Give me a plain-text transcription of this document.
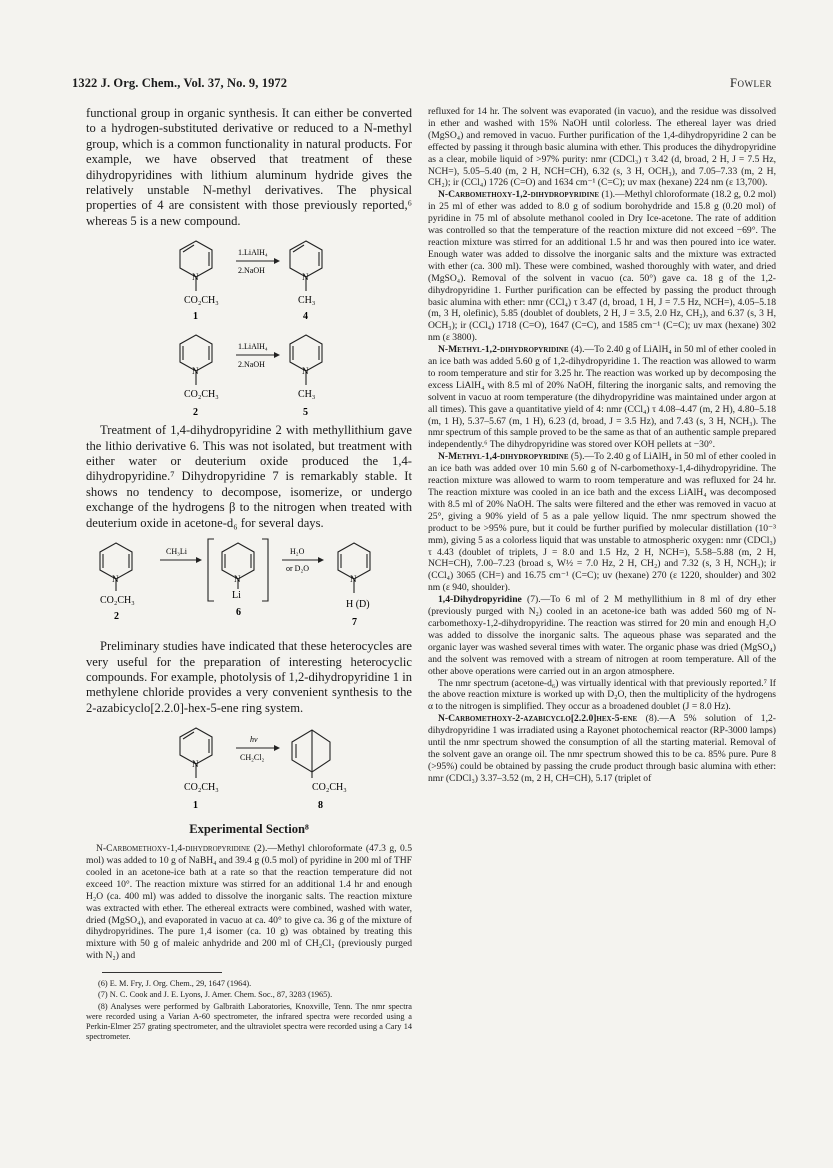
1322 J. Org. Chem., Vol. 37, No. 9, 1972	Fowler

functional group in organic synthesis. It can either be converted to a hydrogen-substituted derivative or reduced to a N-methyl group, which is a common functionality in natural products. For example, we have observed that treatment of these dihydropyridines with lithium aluminum hydride gives the relatively unstable N-methyl derivatives. The physical properties of 4 are consistent with those previously reported,⁶ whereas 5 is a new compound.

N
CO₂CH₃
1
1.LiAlH₄
2.NaOH
N
CH₃
4
N
CO₂CH₃
2
1.LiAlH₄
2.NaOH
N
CH₃
5

Treatment of 1,4-dihydropyridine 2 with methyllithium gave the lithio derivative 6. This was not isolated, but treatment with either water or deuterium oxide produced the 1,4-dihydropyridine.⁷ Dihydropyridine 7 is remarkably stable. It shows no tendency to decompose, isomerize, or undergo exchange of the hydrogens β to the nitrogen when treated with deuterium oxide in acetone-d₆ for several days.

N
CO₂CH₃
2
CH₃Li
N
Li
6
H₂O
or D₂O
N
H (D)
7

Preliminary studies have indicated that these heterocycles are very useful for the preparation of interesting heterocyclic compounds. For example, photolysis of 1,2-dihydropyridine 1 in methylene chloride provides a very convenient synthesis to the 2-azabicyclo[2.2.0]-hex-5-ene ring system.

N
CO₂CH₃
1
hν
CH₂Cl₂
CO₂CH₃
8
Experimental Section⁸

N-Carbomethoxy-1,4-dihydropyridine (2).—Methyl chloroformate (47.3 g, 0.5 mol) was added to 10 g of NaBH₄ and 39.4 g (0.5 mol) of pyridine in 200 ml of THF cooled in an acetone-ice bath at a rate so that the reaction temperature did not exceed 10°. The reaction mixture was stirred for an additional 1.4 hr and enough H₂O (ca. 400 ml) was added to dissolve the inorganic salts. The reaction mixture was extracted with ether. The ethereal extracts were combined, washed with water, dried (MgSO₄), and evaporated in vacuo at ca. 40° to give ca. 36 g of the mixture of dihydropyridines. The pure 1,4 isomer (ca. 10 g) was obtained by treating this mixture with 50 g of maleic anhydride and 200 ml of CH₂Cl₂ (previously purged with N₂) and

(6) E. M. Fry, J. Org. Chem., 29, 1647 (1964).

(7) N. C. Cook and J. E. Lyons, J. Amer. Chem. Soc., 87, 3283 (1965).

(8) Analyses were performed by Galbraith Laboratories, Knoxville, Tenn. The nmr spectra were recorded using a Varian A-60 spectrometer, the infrared spectra were recorded using a Perkin-Elmer 257 grating spectrometer, and the ultraviolet spectra were recorded using a Cary 14 spectrometer.

refluxed for 14 hr. The solvent was evaporated (in vacuo), and the residue was dissolved in ether and washed with 15% NaOH until colorless. The ethereal layer was dried (MgSO₄) and removed in vacuo. Further purification of the 1,4-dihydropyridine 2 can be effected by passing it through basic alumina with ether. This produces the dihydropyridine as a clear, mobile liquid of >97% purity: nmr (CDCl₃) τ 3.42 (d, broad, 2 H, J = 7.5 Hz, NCH=), 5.05–5.40 (m, 2 H, NCH=CH), 6.32 (s, 3 H, OCH₃), and 7.05–7.33 (m, 2 H, CH₂); ir (CCl₄) 1726 (C=O) and 1634 cm⁻¹ (C=C); uv max (hexane) 224 nm (ε 13,700).

N-Carbomethoxy-1,2-dihydropyridine (1).—Methyl chloroformate (18.2 g, 0.2 mol) in 25 ml of ether was added to 8.0 g of sodium borohydride and 15.8 g (0.20 mol) of pyridine in 75 ml of absolute methanol cooled in Dry Ice-acetone. The rate of addition was controlled so that the temperature of the reaction mixture did not exceed −69°. The reaction mixture was stirred for an additional 1.5 hr and was then poured into ice water. Enough water was added to dissolve the inorganic salts and the mixture was extracted with ether (ca. 300 ml). These were combined, washed thoroughly with water, and dried (MgSO₄). Removal of the solvent in vacuo (ca. 50°) gave ca. 18 g of the 1,2-dihydropyridine 1. Further purification can be effected by passing the product through basic alumina with ether: nmr (CCl₄) τ 3.47 (d, broad, 1 H, J = 7.5 Hz, NCH=), 4.05–5.18 (m, 3 H, olefinic), 5.85 (doublet of doublets, 2 H, J = 3.5, 2.0 Hz, CH₂), and 6.37 (s, 3 H, OCH₃); ir (CCl₄) 1718 (C=O), 1647 (C=C), and 1585 cm⁻¹ (C=C); uv max (hexane) 302 nm (ε 3800).

N-Methyl-1,2-dihydropyridine (4).—To 2.40 g of LiAlH₄ in 50 ml of ether cooled in an ice bath was added 5.60 g of 1,2-dihydropyridine 1. The reaction was allowed to warm to room temperature and stir for 3.25 hr. The reaction was worked up by decomposing the excess LiAlH₄ with 8.5 ml of 20% NaOH, filtering the inorganic salts, and removing the solvent in vacuo at room temperature (the dihydropyridine was maintained under argon at all times). This gave a quantitative yield of 4: nmr (CCl₄) τ 4.08–4.47 (m, 2 H), 4.80–5.18 (m, 1 H), 5.37–5.67 (m, 1 H), 6.23 (d, broad, J = 3.5 Hz), and 7.43 (s, 3 H, NCH₃). The nmr spectrum of this sample proved to be the same as that of an authentic sample prepared independently.⁶ The dihydropyridine was stored over KOH pellets at −30°.

N-Methyl-1,4-dihydropyridine (5).—To 2.40 g of LiAlH₄ in 50 ml of ether cooled in an ice bath was added over 10 min 5.60 g of N-carbomethoxy-1,4-dihydropyridine. The reaction mixture was allowed to warm to room temperature and was refluxed for 24 hr. The reaction mixture was cooled in an ice bath and the excess LiAlH₄ was decomposed with 8.5 ml of 20% NaOH. The salts were filtered and the ether was removed in vacuo at 25°, giving a 90% yield of 5 as a pale yellow liquid. The nmr spectrum showed the product to be >95% pure, but it could be further purified by molecular distillation (10⁻³ mm), giving 5 as a colorless liquid that was unstable to atmospheric oxygen: nmr (CDCl₃) τ 4.43 (doublet of triplets, J = 8.0 and 1.5 Hz, 2 H, NCH=), 5.58–5.88 (m, 2 H, NCH=CH), 7.00–7.23 (broad s, W½ = 7.0 Hz, 2 H, CH₂) and 7.32 (s, 3 H, NCH₃); ir (CCl₄) 3065 (CH=) and 16.75 cm⁻¹ (C=C); uv (hexane) 270 (ε 1220, shoulder) and 302 nm (ε 940, shoulder).

1,4-Dihydropyridine (7).—To 6 ml of 2 M methyllithium in 8 ml of dry ether (previously purged with N₂) cooled in an acetone-ice bath was added 560 mg of N-carbomethoxy-1,2-dihydropyridine. The reaction was stirred for 20 min and enough H₂O was added to dissolve the inorganic salts. The aqueous phase was separated and the organic layer was washed several times with water. The organic phase was dried (MgSO₄) and the solvent was removed with a stream of nitrogen at room temperature. All of the other above operations were carried out in an argon atmosphere.

The nmr spectrum (acetone-d₆) was virtually identical with that previously reported.⁷ If the above reaction mixture is worked up with D₂O, then the multiplicity of the hydrogens α to the nitrogen is simplified. They occur as a broadened doublet (J = 8.0 Hz).

N-Carbomethoxy-2-azabicyclo[2.2.0]hex-5-ene (8).—A 5% solution of 1,2-dihydropyridine 1 was irradiated using a Rayonet photochemical reactor (RP-3000 lamps) until the nmr spectrum showed the consumption of all the starting material. Removal of the solvent gave an orange oil. The nmr spectrum showed this to be ca. 85% pure. Pure 8 (>95%) could be obtained by passing the crude product through basic alumina with ether: nmr (CDCl₃) 3.37–3.52 (m, 2 H, CH=CH), 5.17 (triplet of
